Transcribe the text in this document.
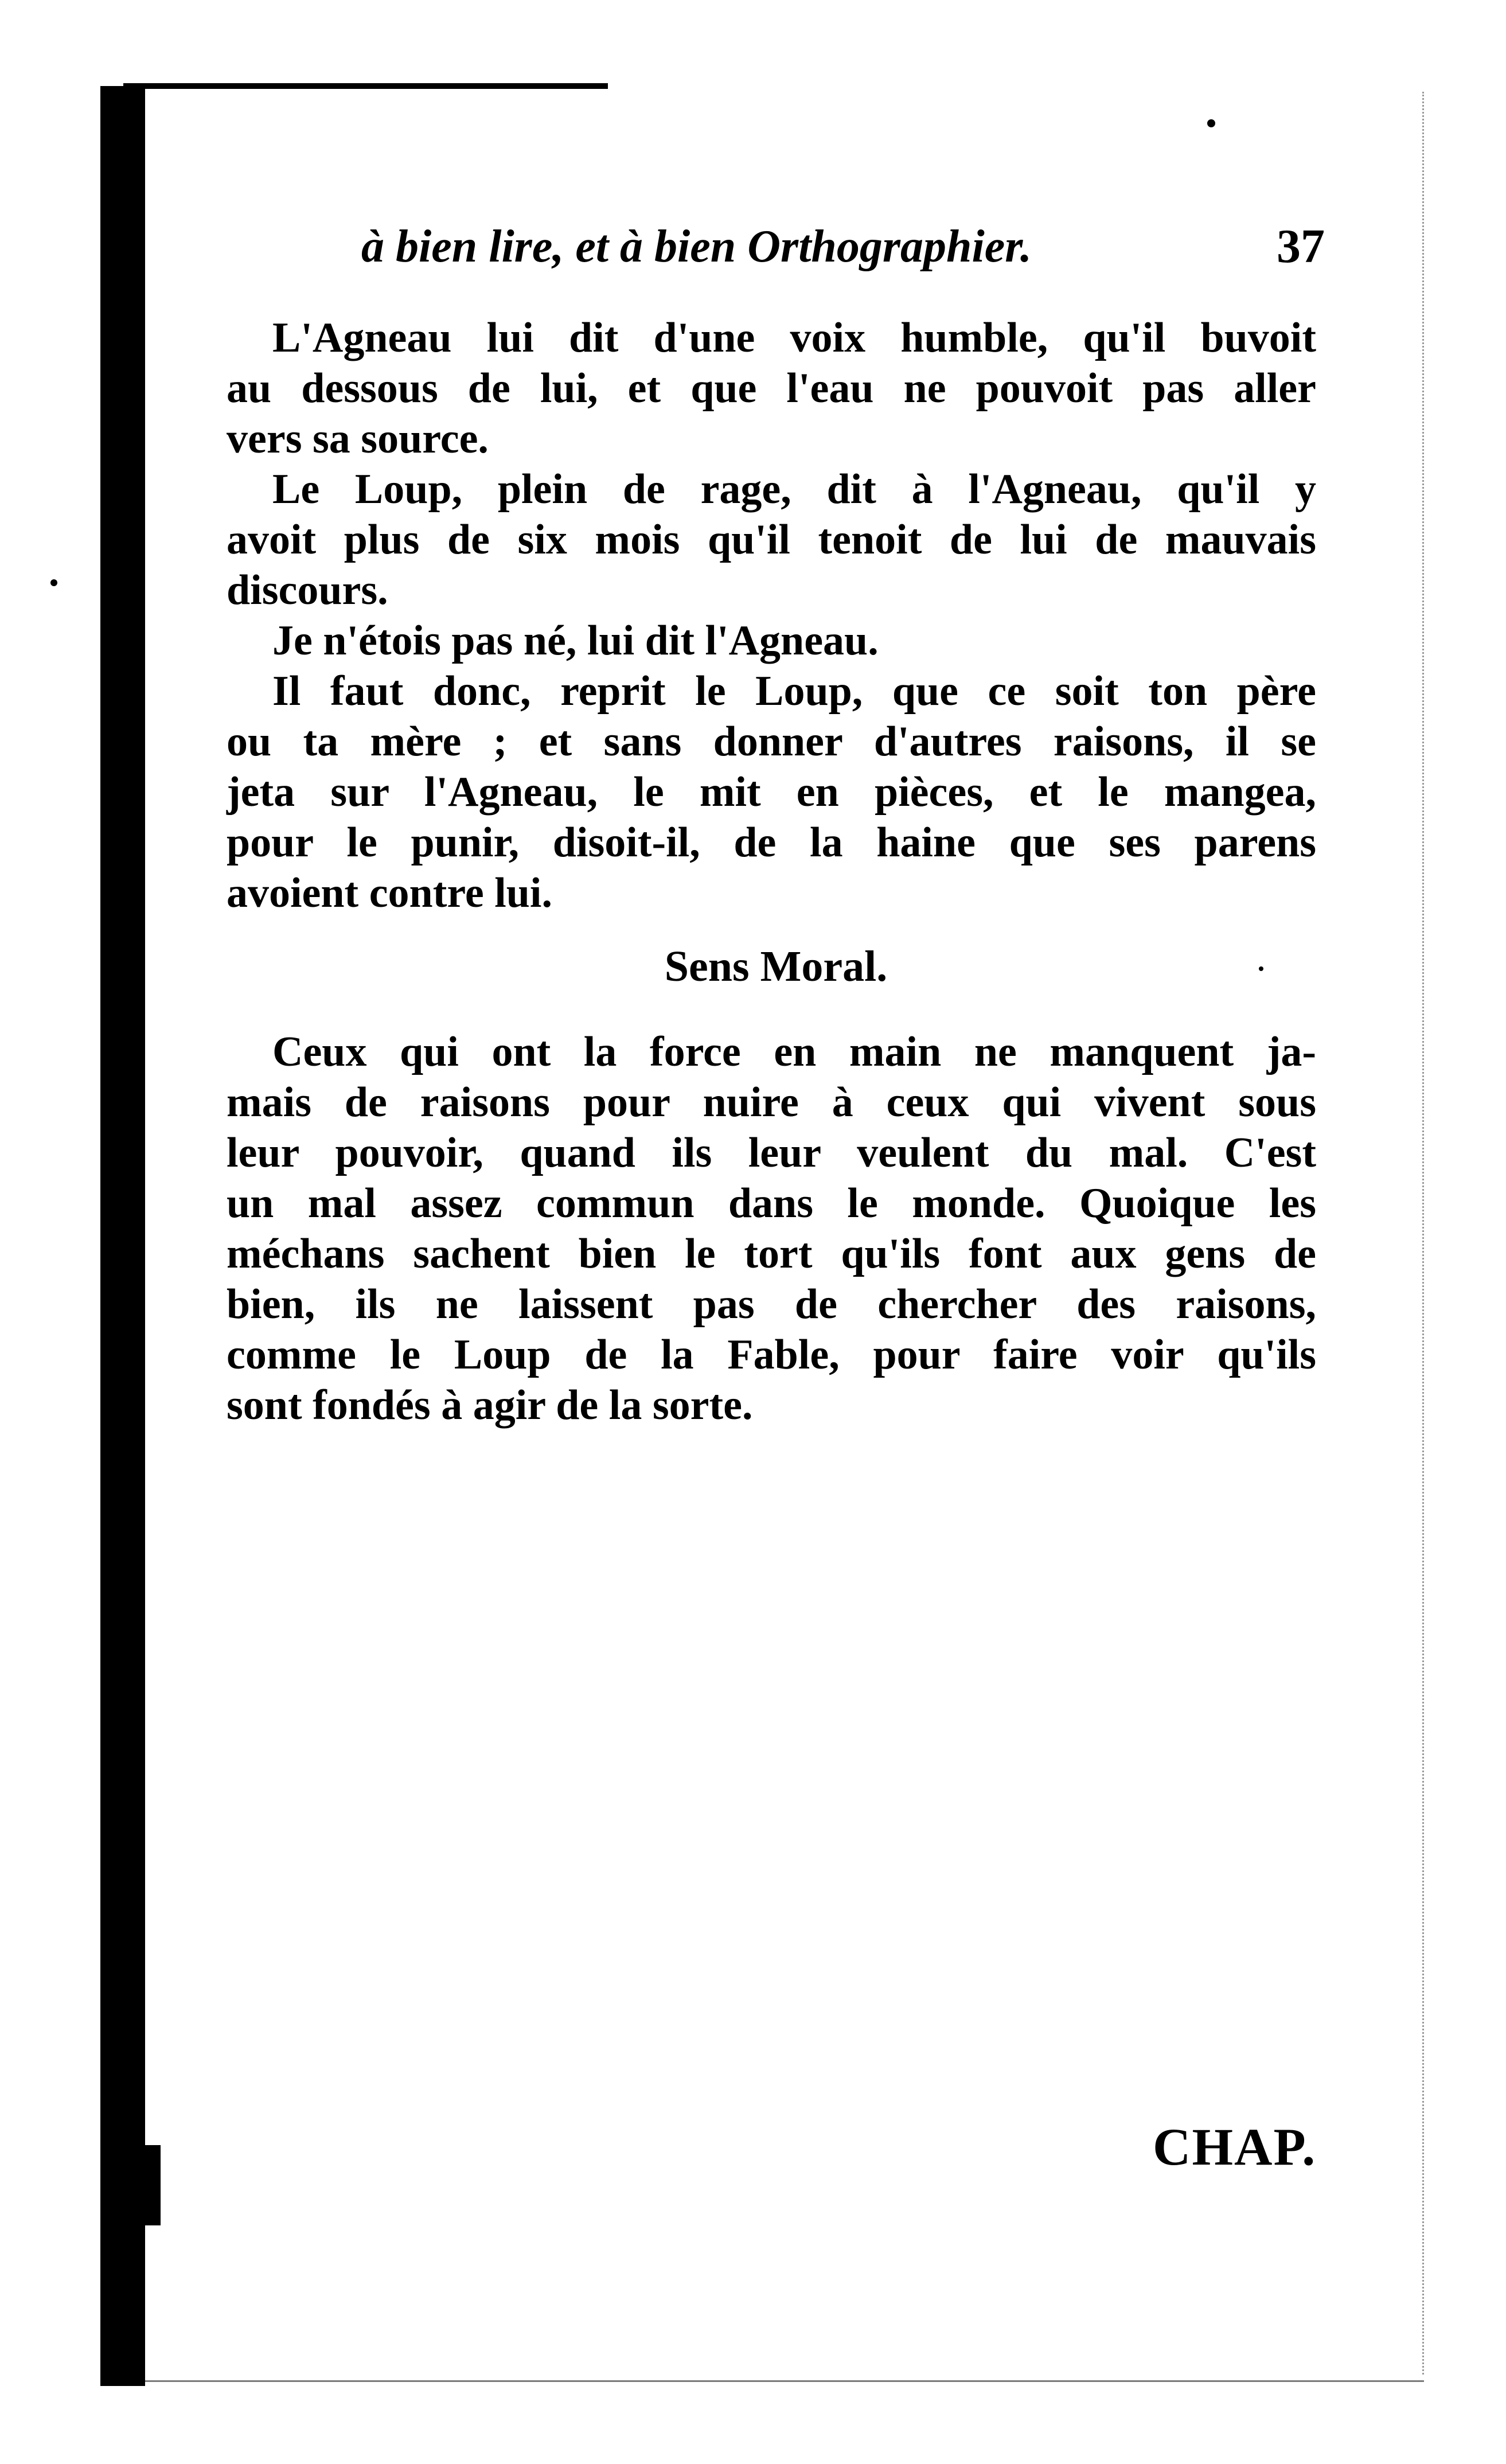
à bien lire, et à bien Orthographier.	37
L'Agneau lui dit d'une voix humble, qu'il buvoit
au dessous de lui, et que l'eau ne pouvoit pas aller
vers sa source.
Le Loup, plein de rage, dit à l'Agneau, qu'il y
avoit plus de six mois qu'il tenoit de lui de mauvais
discours.
Je n'étois pas né, lui dit l'Agneau.
Il faut donc, reprit le Loup, que ce soit ton père
ou ta mère ; et sans donner d'autres raisons, il se
jeta sur l'Agneau, le mit en pièces, et le mangea,
pour le punir, disoit-il, de la haine que ses parens
avoient contre lui.
Sens Moral.
Ceux qui ont la force en main ne manquent ja-
mais de raisons pour nuire à ceux qui vivent sous
leur pouvoir, quand ils leur veulent du mal. C'est
un mal assez commun dans le monde. Quoique les
méchans sachent bien le tort qu'ils font aux gens de
bien, ils ne laissent pas de chercher des raisons,
comme le Loup de la Fable, pour faire voir qu'ils
sont fondés à agir de la sorte.
CHAP.
